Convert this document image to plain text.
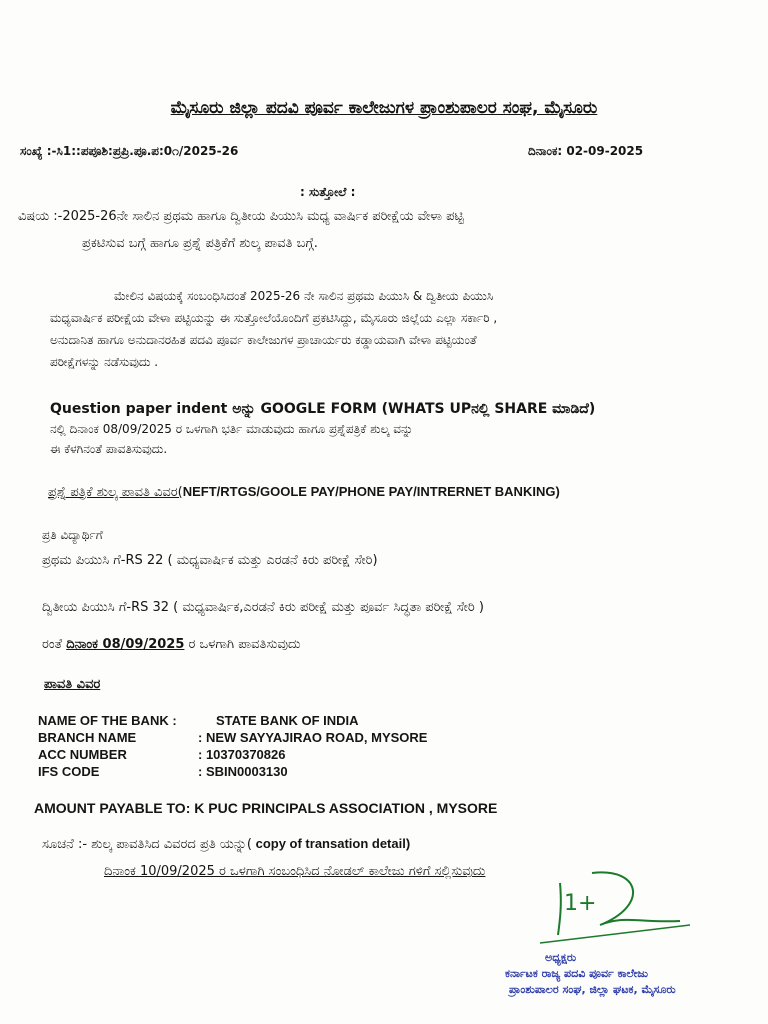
ಮೈಸೂರು ಜಿಲ್ಲಾ ಪದವಿ ಪೂರ್ವ ಕಾಲೇಜುಗಳ ಪ್ರಾಂಶುಪಾಲರ ಸಂಘ, ಮೈಸೂರು
ಸಂಖ್ಯೆ :-ಸಿ1::ಪಪೂಶಿ:ಪ್ರಪ್ರಿ.ಪೂ.ಪ:0೧/2025-26	ದಿನಾಂಕ: 02-09-2025
: ಸುತ್ತೋಲೆ :
ವಿಷಯ :-2025-26ನೇ ಸಾಲಿನ ಪ್ರಥಮ ಹಾಗೂ ದ್ವಿತೀಯ ಪಿಯುಸಿ ಮಧ್ಯ ವಾರ್ಷಿಕ ಪರೀಕ್ಷೆಯ ವೇಳಾ ಪಟ್ಟಿ
ಪ್ರಕಟಿಸುವ ಬಗ್ಗೆ ಹಾಗೂ ಪ್ರಶ್ನೆ ಪತ್ರಿಕೆಗೆ ಶುಲ್ಕ ಪಾವತಿ ಬಗ್ಗೆ.

ಮೇಲಿನ ವಿಷಯಕ್ಕೆ ಸಂಬಂಧಿಸಿದಂತೆ 2025-26 ನೇ ಸಾಲಿನ ಪ್ರಥಮ ಪಿಯುಸಿ & ದ್ವಿತೀಯ ಪಿಯುಸಿ

ಮಧ್ಯವಾರ್ಷಿಕ ಪರೀಕ್ಷೆಯ ವೇಳಾ ಪಟ್ಟಿಯನ್ನು ಈ ಸುತ್ತೋಲೆಯೊಂದಿಗೆ ಪ್ರಕಟಿಸಿದ್ದು, ಮೈಸೂರು ಜಿಲ್ಲೆಯ ಎಲ್ಲಾ ಸರ್ಕಾರಿ ,

ಅನುದಾನಿತ ಹಾಗೂ ಅನುದಾನರಹಿತ ಪದವಿ ಪೂರ್ವ ಕಾಲೇಜುಗಳ ಪ್ರಾಚಾರ್ಯರು ಕಡ್ಡಾಯವಾಗಿ ವೇಳಾ ಪಟ್ಟಿಯಂತೆ

ಪರೀಕ್ಷೆಗಳನ್ನು ನಡೆಸುವುದು .

Question paper indent ಅನ್ನು GOOGLE FORM (WHATS UPನಲ್ಲಿ SHARE ಮಾಡಿದೆ)
ನಲ್ಲಿ ದಿನಾಂಕ 08/09/2025 ರ ಒಳಗಾಗಿ ಭರ್ತಿ ಮಾಡುವುದು ಹಾಗೂ ಪ್ರಶ್ನೆಪತ್ರಿಕೆ ಶುಲ್ಕ ವನ್ನು
ಈ ಕೆಳಗಿನಂತೆ ಪಾವತಿಸುವುದು.
ಪ್ರಶ್ನೆ ಪತ್ರಿಕೆ ಶುಲ್ಕ ಪಾವತಿ ವಿವರ(NEFT/RTGS/GOOLE PAY/PHONE PAY/INTRERNET BANKING)
ಪ್ರತಿ ವಿದ್ಯಾರ್ಥಿಗೆ
ಪ್ರಥಮ ಪಿಯುಸಿ ಗೆ-RS 22 ( ಮಧ್ಯವಾರ್ಷಿಕ ಮತ್ತು ಎರಡನೆ ಕಿರು ಪರೀಕ್ಷೆ ಸೇರಿ)
ದ್ವಿತೀಯ ಪಿಯುಸಿ ಗೆ-RS 32 ( ಮಧ್ಯವಾರ್ಷಿಕ,ಎರಡನೆ ಕಿರು ಪರೀಕ್ಷೆ ಮತ್ತು ಪೂರ್ವ ಸಿದ್ಧತಾ ಪರೀಕ್ಷೆ ಸೇರಿ )
ರಂತೆ ದಿನಾಂಕ 08/09/2025 ರ ಒಳಗಾಗಿ ಪಾವತಿಸುವುದು
ಪಾವತಿ ವಿವರ
NAME OF THE BANK :	STATE BANK OF INDIA
BRANCH NAME	: NEW SAYYAJIRAO ROAD, MYSORE
ACC NUMBER	: 10370370826
IFS CODE	: SBIN0003130
AMOUNT PAYABLE TO: K PUC PRINCIPALS ASSOCIATION , MYSORE
ಸೂಚನೆ :- ಶುಲ್ಕ ಪಾವತಿಸಿದ ವಿವರದ ಪ್ರತಿ ಯನ್ನು( copy of transation detail)
ದಿನಾಂಕ 10/09/2025 ರ ಒಳಗಾಗಿ ಸಂಬಂಧಿಸಿದ ನೋಡಲ್ ಕಾಲೇಜು ಗಳಿಗೆ ಸಲ್ಲಿಸುವುದು
1+
ಅಧ್ಯಕ್ಷರು
ಕರ್ನಾಟಕ ರಾಜ್ಯ ಪದವಿ ಪೂರ್ವ ಕಾಲೇಜು
ಪ್ರಾಂಶುಪಾಲರ ಸಂಘ, ಜಿಲ್ಲಾ ಘಟಕ, ಮೈಸೂರು
